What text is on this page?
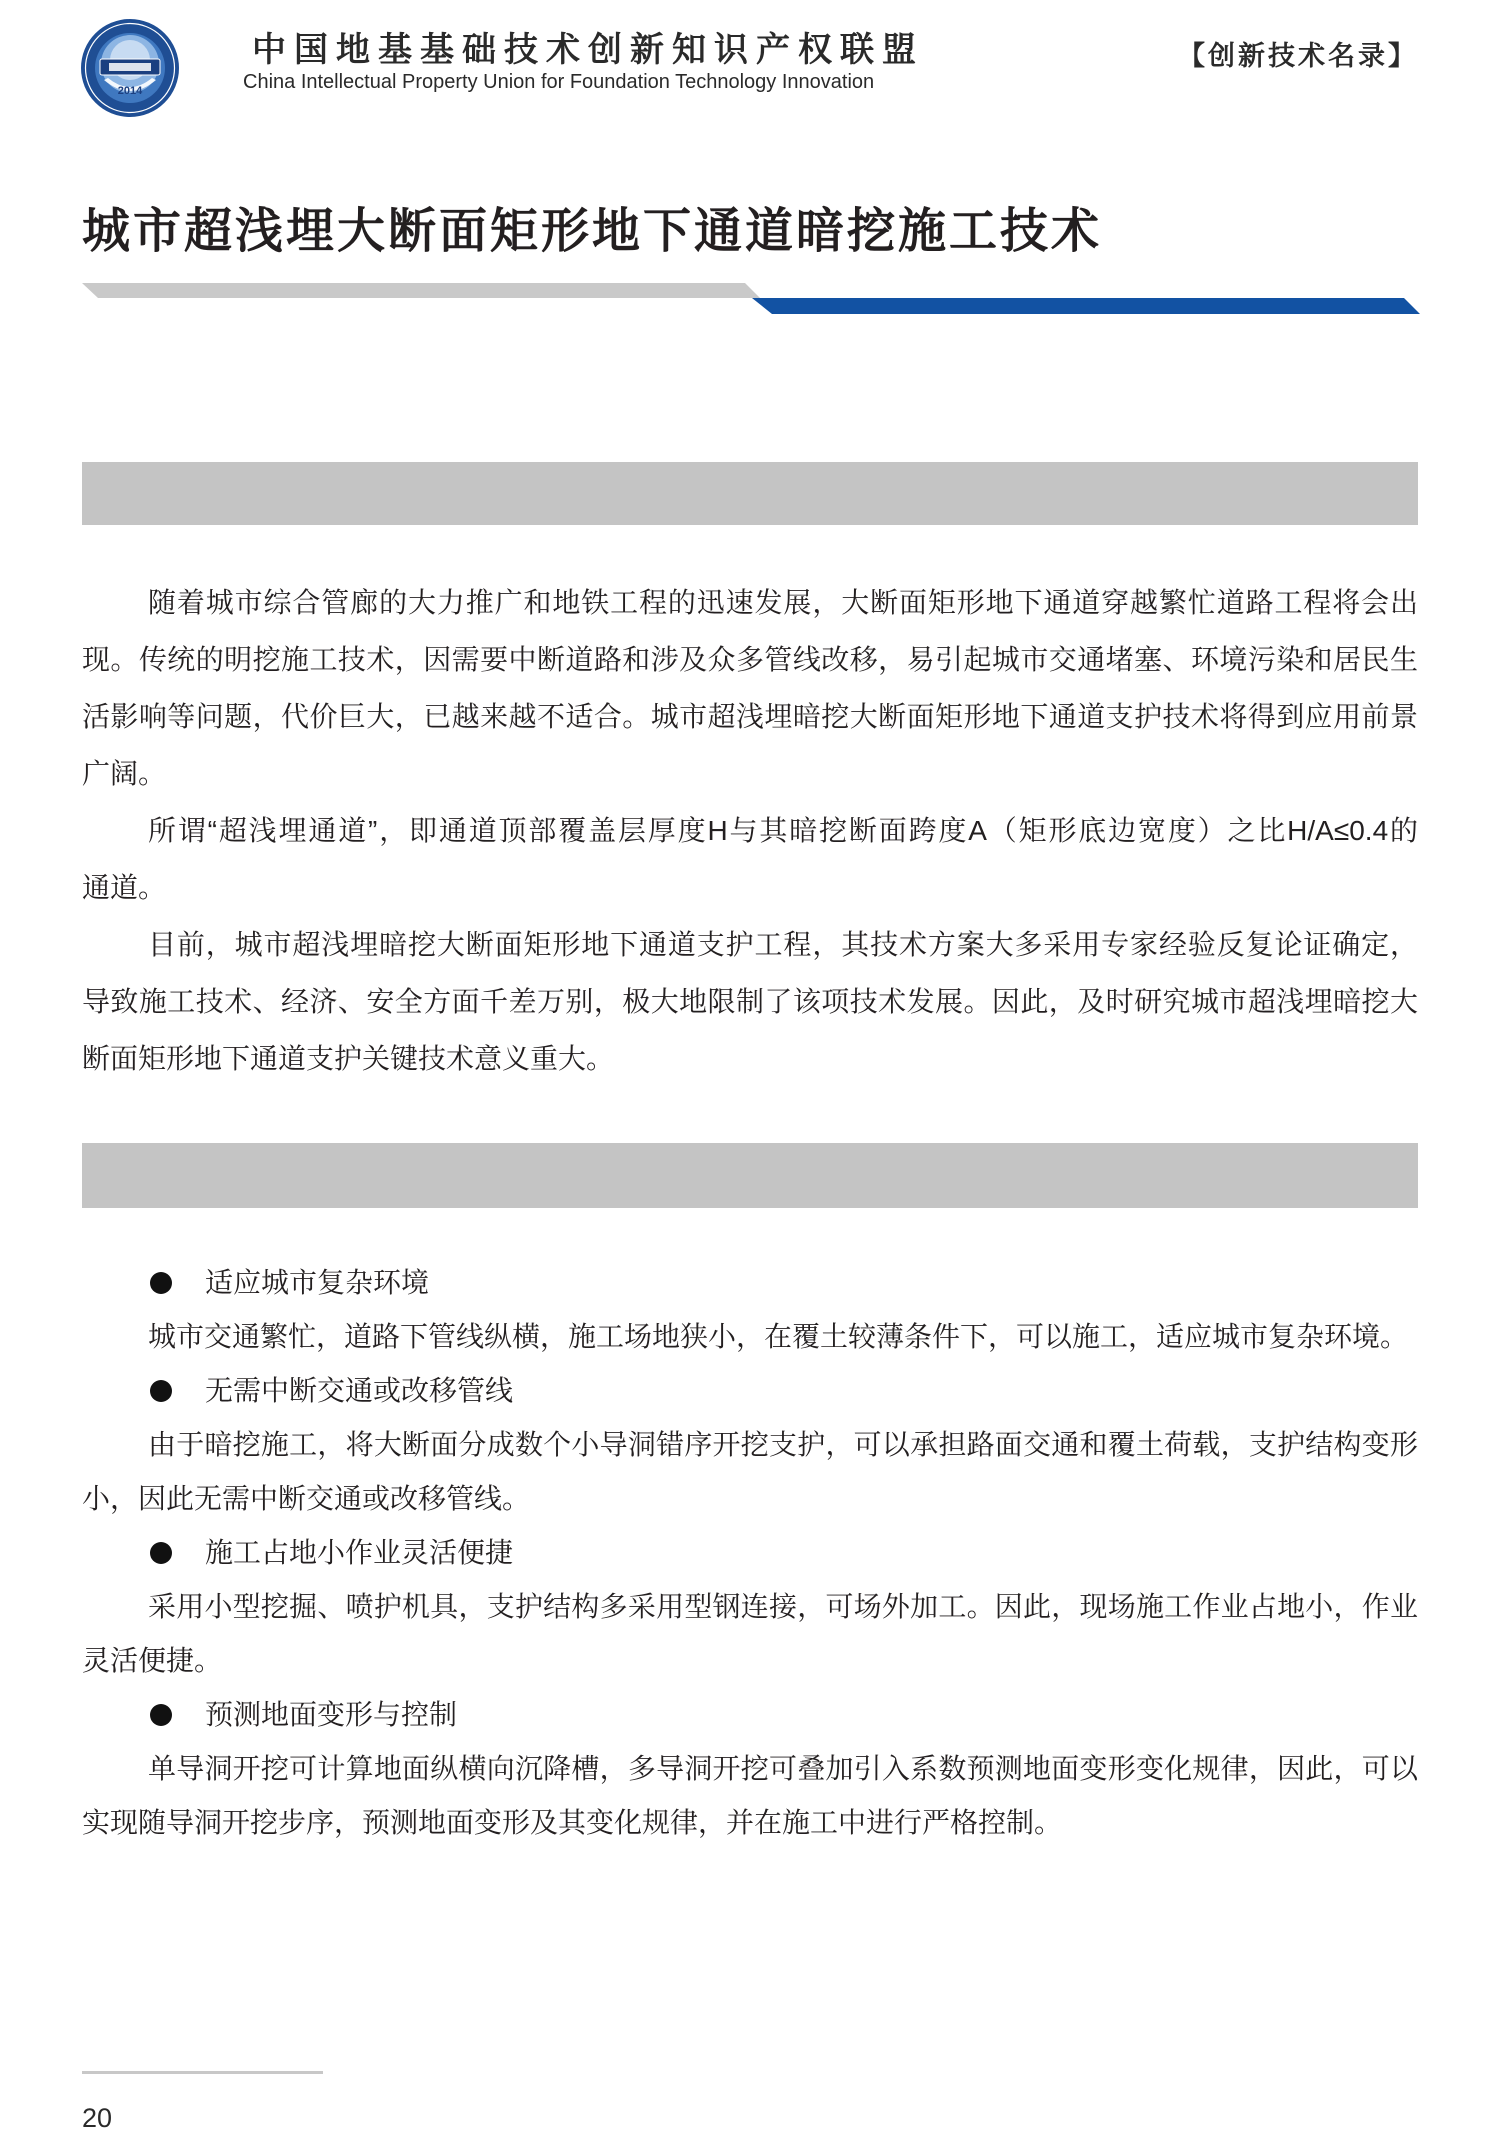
2014
中国地基基础技术创新知识产权联盟
China Intellectual Property Union for Foundation Technology Innovation
【创新技术名录】
城市超浅埋大断面矩形地下通道暗挖施工技术

技术背景/Technical  background

随着城市综合管廊的大力推广和地铁工程的迅速发展，大断面矩形地下通道穿越繁忙道路工程将会出
现。传统的明挖施工技术，因需要中断道路和涉及众多管线改移，易引起城市交通堵塞、环境污染和居民生
活影响等问题，代价巨大，已越来越不适合。城市超浅埋暗挖大断面矩形地下通道支护技术将得到应用前景
广阔。
所谓“超浅埋通道”，即通道顶部覆盖层厚度H与其暗挖断面跨度A（矩形底边宽度）之比H/A≤0.4的
通道。
目前，城市超浅埋暗挖大断面矩形地下通道支护工程，其技术方案大多采用专家经验反复论证确定，
导致施工技术、经济、安全方面千差万别，极大地限制了该项技术发展。因此，及时研究城市超浅埋暗挖大
断面矩形地下通道支护关键技术意义重大。

技术特点及优势/Technical  characteristics  and  advantages

适应城市复杂环境
城市交通繁忙，道路下管线纵横，施工场地狭小，在覆土较薄条件下，可以施工，适应城市复杂环境。
无需中断交通或改移管线
由于暗挖施工，将大断面分成数个小导洞错序开挖支护，可以承担路面交通和覆土荷载，支护结构变形
小，因此无需中断交通或改移管线。
施工占地小作业灵活便捷
采用小型挖掘、喷护机具，支护结构多采用型钢连接，可场外加工。因此，现场施工作业占地小，作业
灵活便捷。
预测地面变形与控制
单导洞开挖可计算地面纵横向沉降槽，多导洞开挖可叠加引入系数预测地面变形变化规律，因此，可以
实现随导洞开挖步序，预测地面变形及其变化规律，并在施工中进行严格控制。
20
